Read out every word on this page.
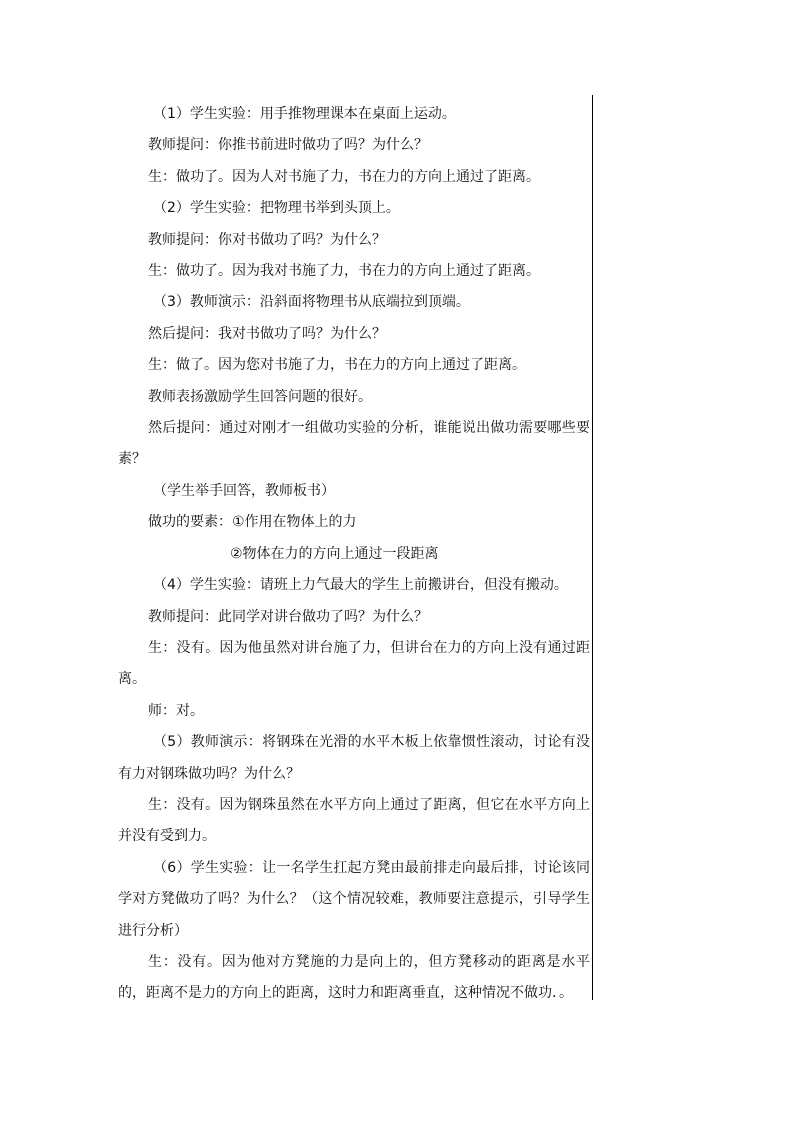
（1）学生实验：用手推物理课本在桌面上运动。

教师提问：你推书前进时做功了吗？为什么？

生：做功了。因为人对书施了力，书在力的方向上通过了距离。

（2）学生实验：把物理书举到头顶上。

教师提问：你对书做功了吗？为什么？

生：做功了。因为我对书施了力，书在力的方向上通过了距离。

（3）教师演示：沿斜面将物理书从底端拉到顶端。

然后提问：我对书做功了吗？为什么？

生：做了。因为您对书施了力，书在力的方向上通过了距离。

教师表扬激励学生回答问题的很好。

然后提问：通过对刚才一组做功实验的分析，谁能说出做功需要哪些要素？

（学生举手回答，教师板书）

做功的要素：①作用在物体上的力

②物体在力的方向上通过一段距离

（4）学生实验：请班上力气最大的学生上前搬讲台，但没有搬动。

教师提问：此同学对讲台做功了吗？为什么？

生：没有。因为他虽然对讲台施了力，但讲台在力的方向上没有通过距离。

师：对。

（5）教师演示：将钢珠在光滑的水平木板上依靠惯性滚动，讨论有没有力对钢珠做功吗？为什么？

生：没有。因为钢珠虽然在水平方向上通过了距离，但它在水平方向上并没有受到力。

（6）学生实验：让一名学生扛起方凳由最前排走向最后排，讨论该同学对方凳做功了吗？为什么？（这个情况较难，教师要注意提示，引导学生进行分析）

生：没有。因为他对方凳施的力是向上的，但方凳移动的距离是水平的，距离不是力的方向上的距离，这时力和距离垂直，这种情况不做功．。
